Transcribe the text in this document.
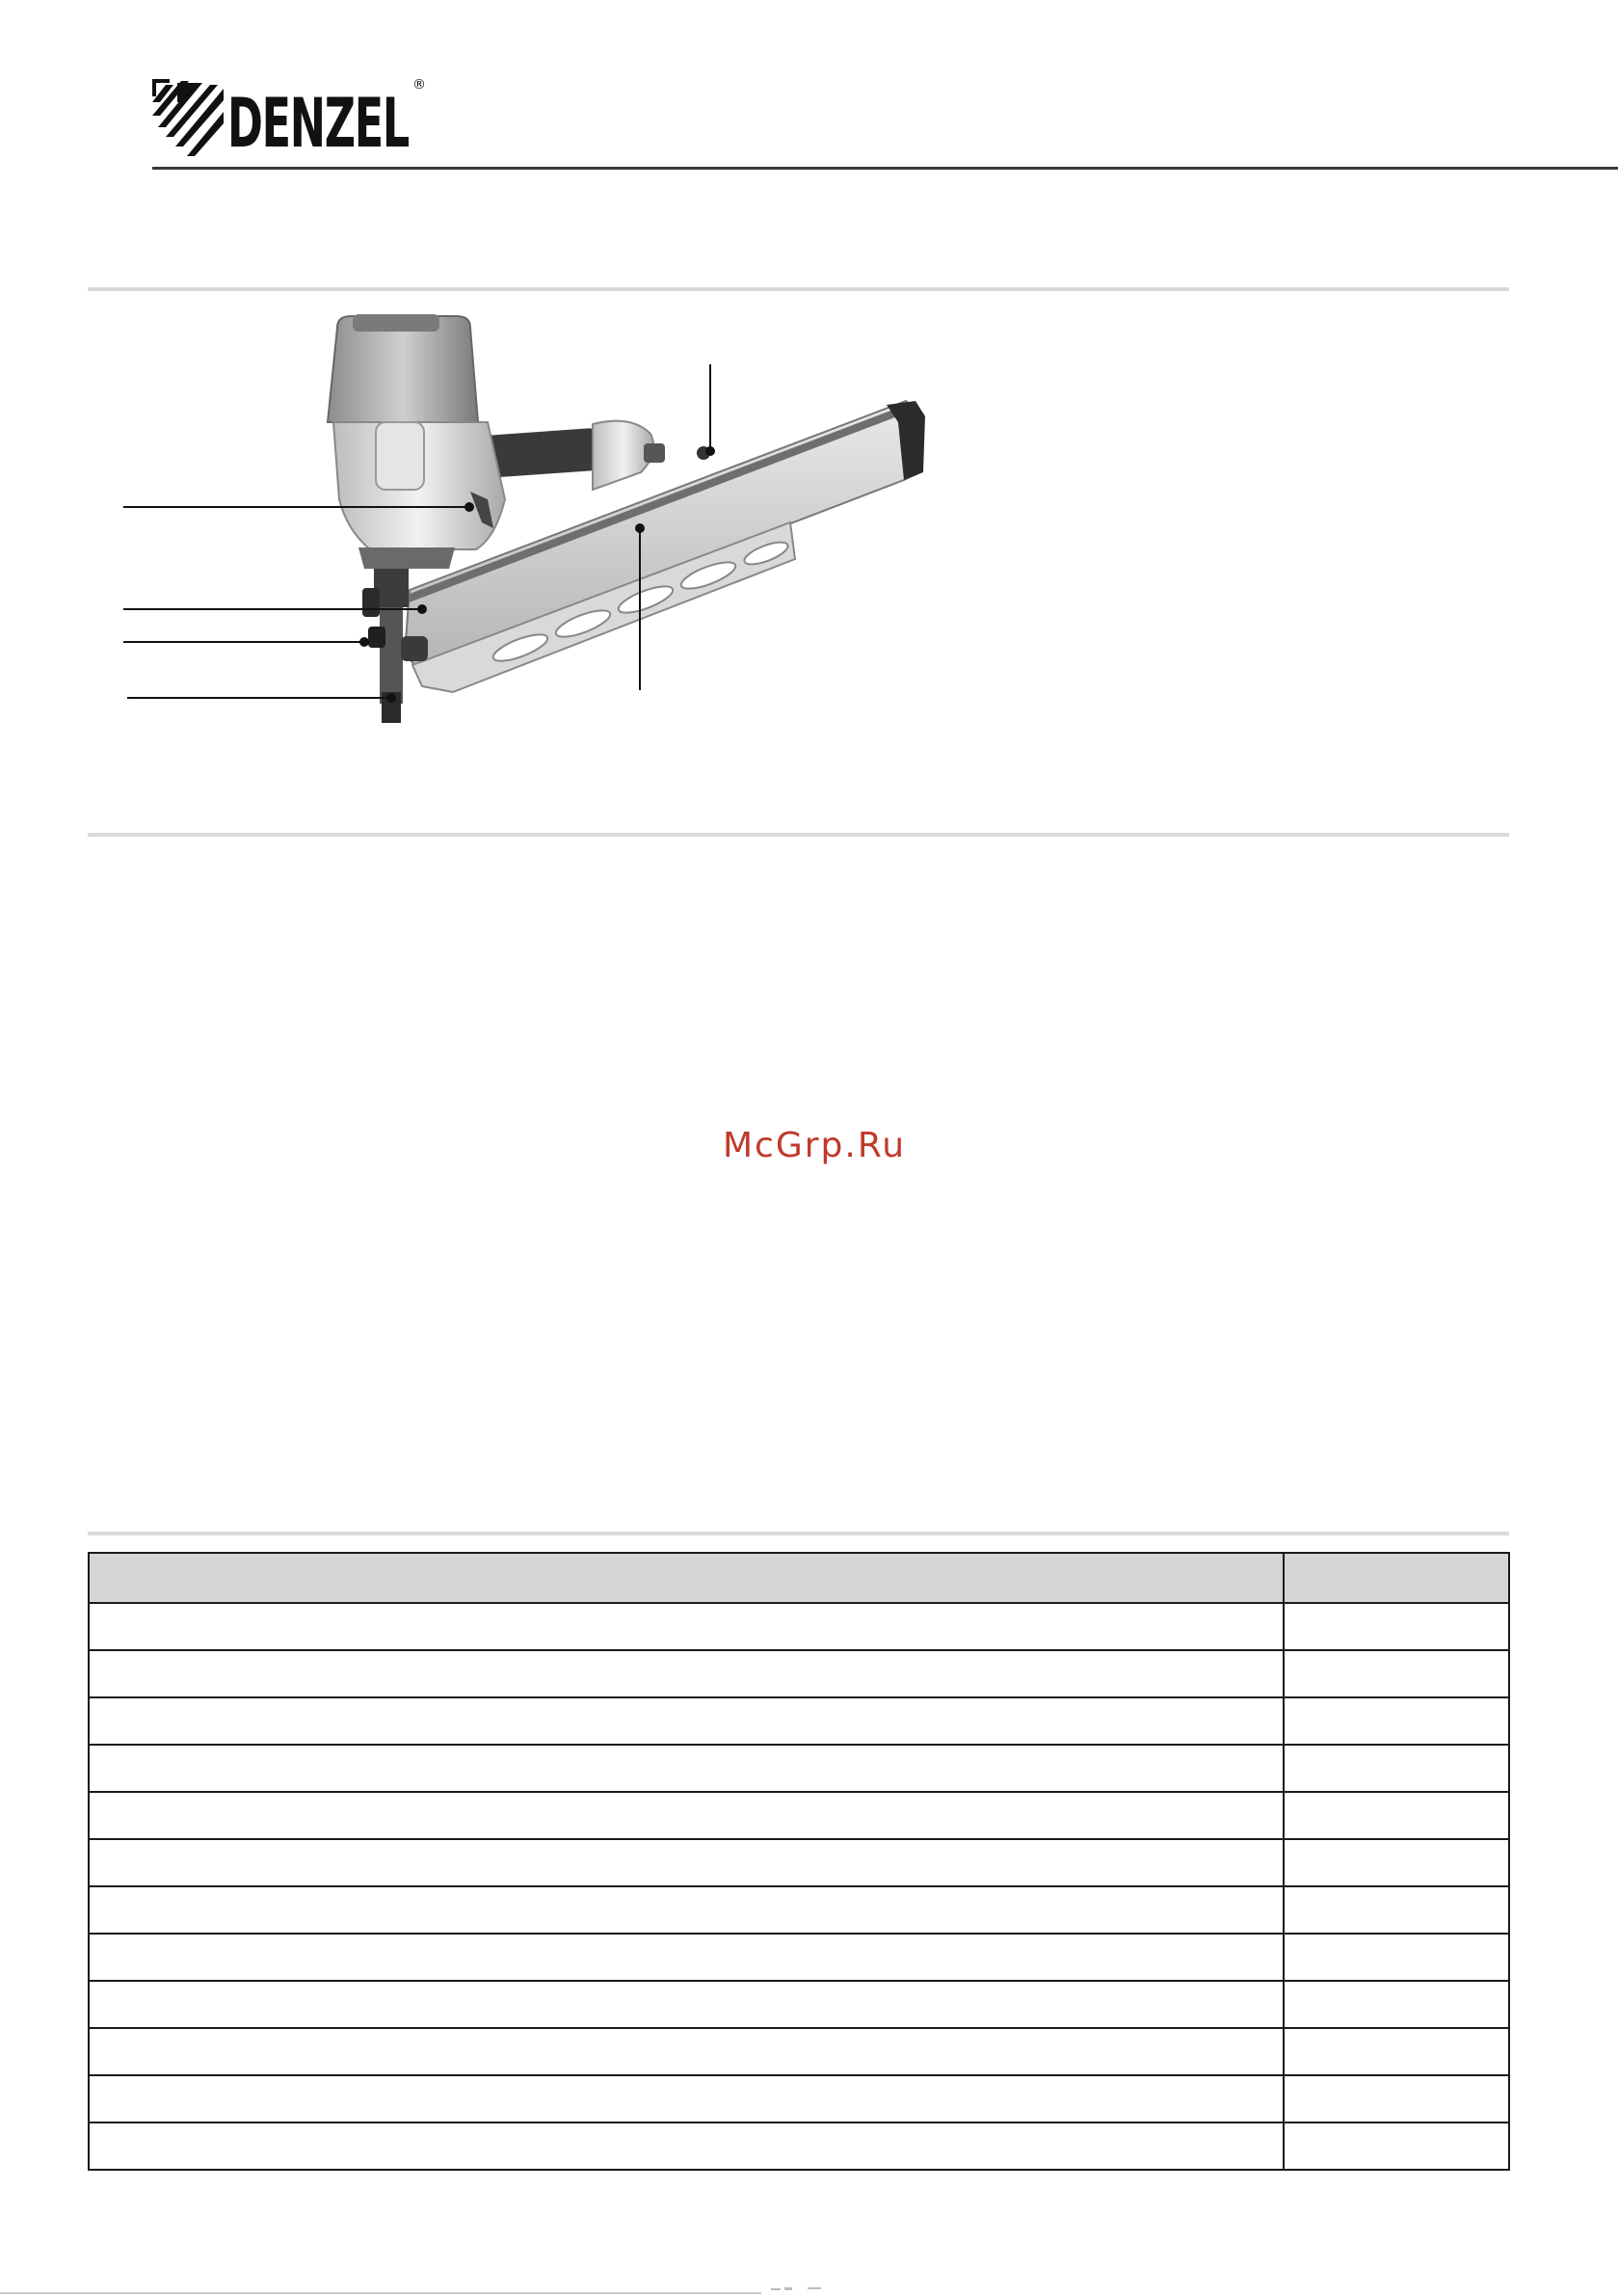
DENZEL ®
McGrp.Ru
